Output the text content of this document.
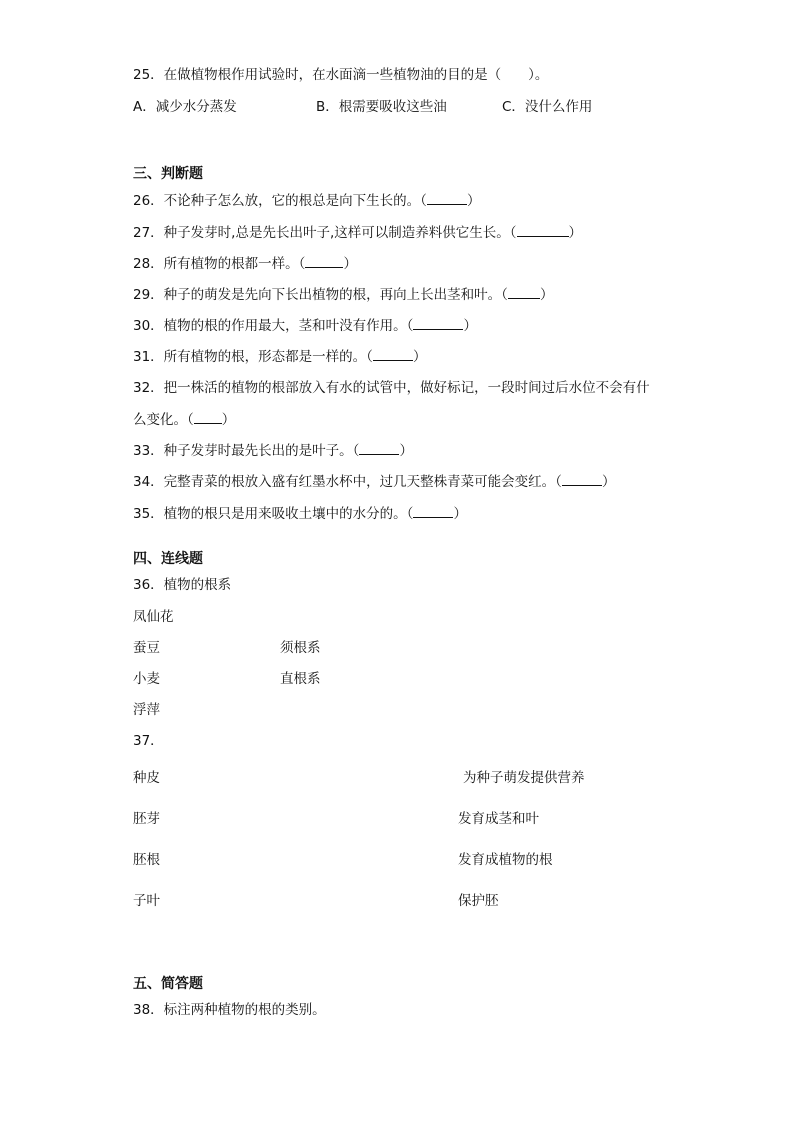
25．在做植物根作用试验时，在水面滴一些植物油的目的是（　　）。
A．减少水分蒸发	B．根需要吸收这些油	C．没什么作用
三、判断题
26．不论种子怎么放，它的根总是向下生长的。（	）
27．种子发芽时,总是先长出叶子,这样可以制造养料供它生长。（	）
28．所有植物的根都一样。（	）
29．种子的萌发是先向下长出植物的根，再向上长出茎和叶。（ ）
30．植物的根的作用最大，茎和叶没有作用。（	）
31．所有植物的根，形态都是一样的。（	）
32．把一株活的植物的根部放入有水的试管中，做好标记，一段时间过后水位不会有什
么变化。（ ）
33．种子发芽时最先长出的是叶子。（	）
34．完整青菜的根放入盛有红墨水杯中，过几天整株青菜可能会变红。（	）
35．植物的根只是用来吸收土壤中的水分的。（	）
四、连线题
36．植物的根系
凤仙花
蚕豆
小麦
浮萍
须根系
直根系
37．
种皮
胚芽
胚根
子叶
为种子萌发提供营养
发育成茎和叶
发育成植物的根
保护胚
五、简答题
38．标注两种植物的根的类别。
